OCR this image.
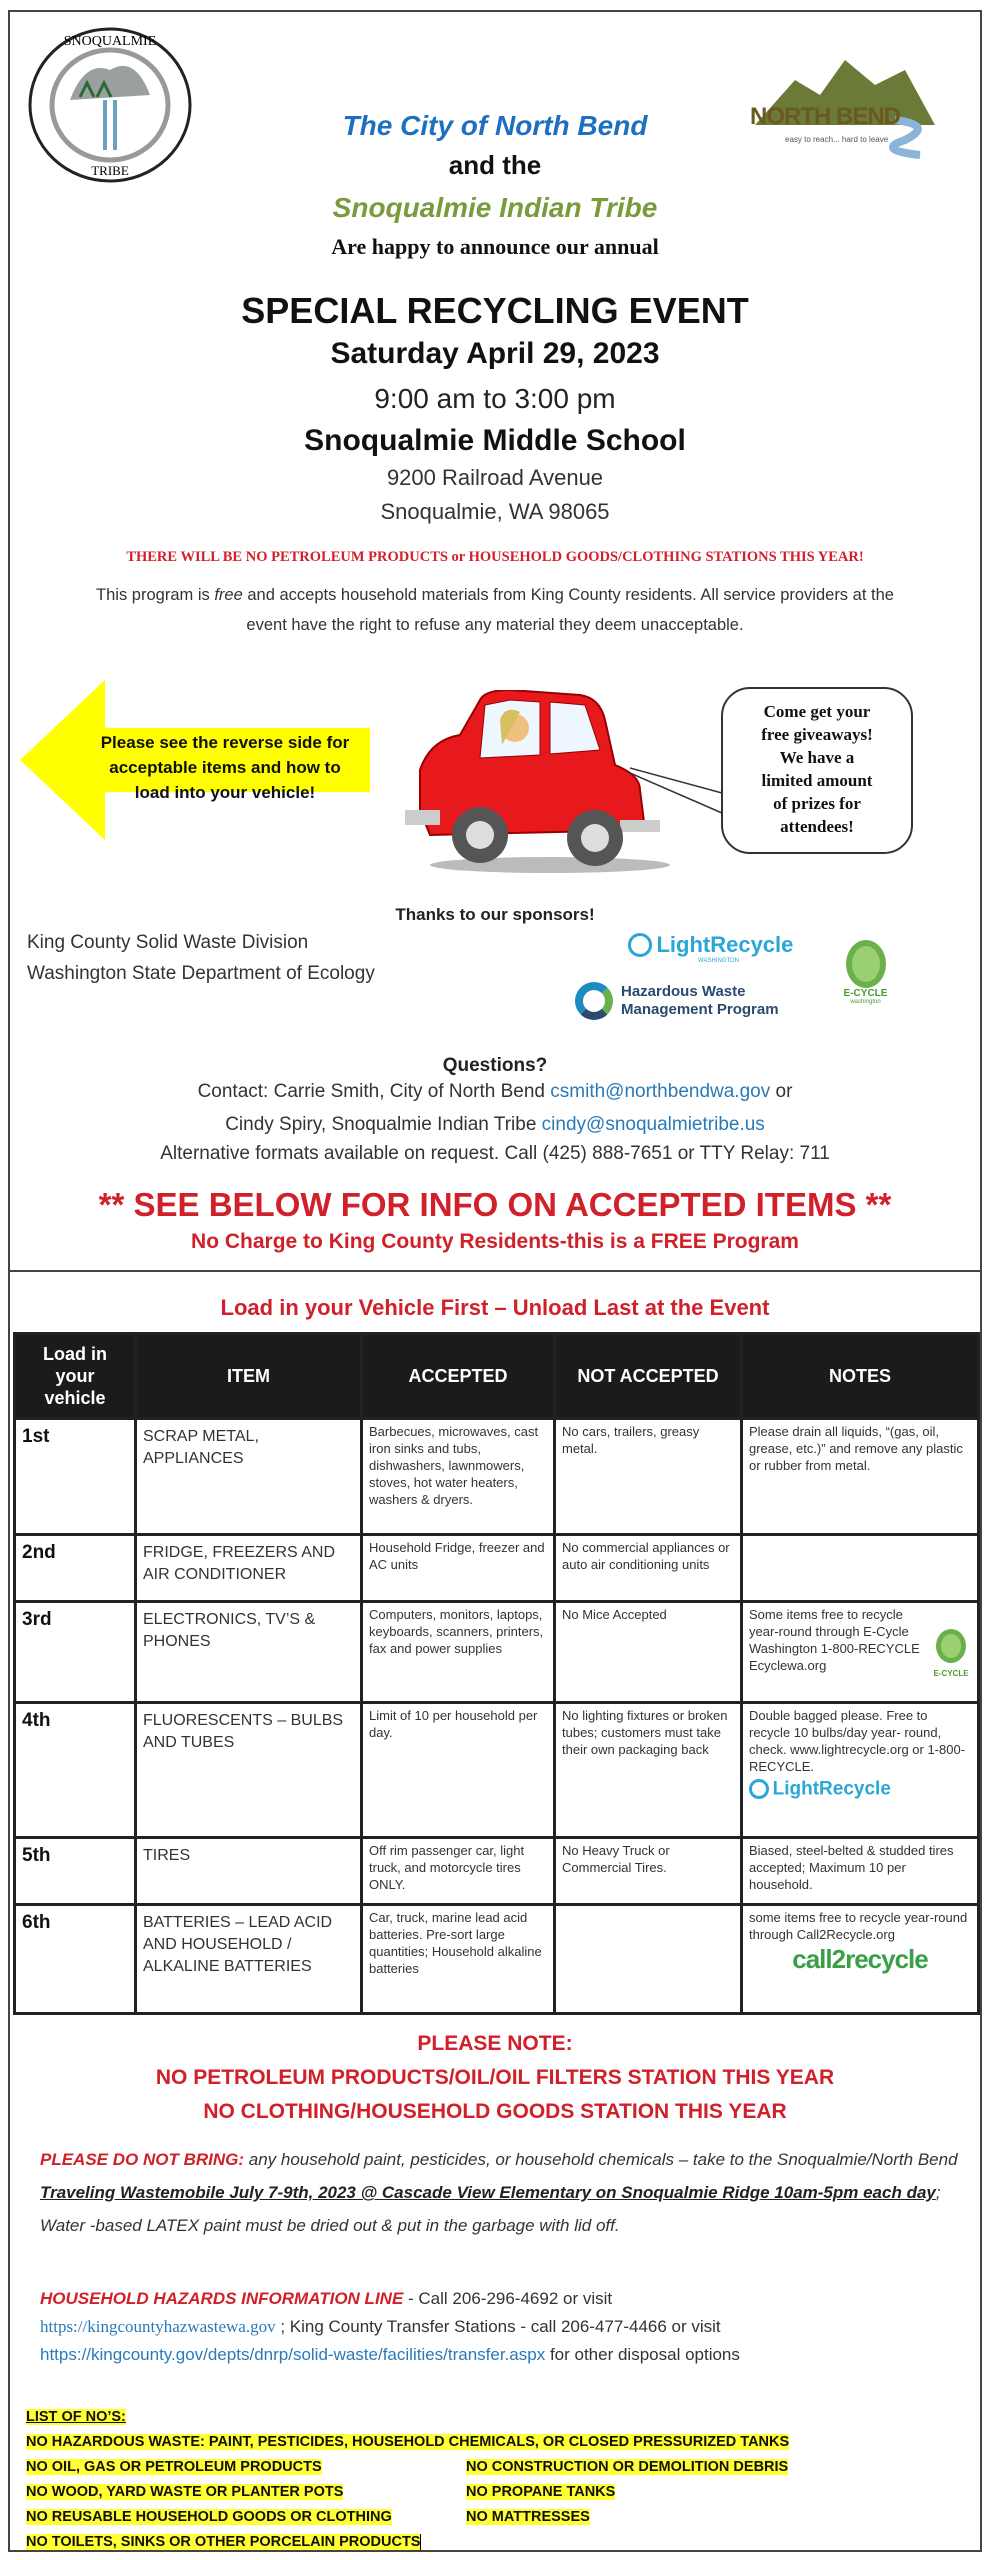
SNOQUALMIE
TRIBE
NORTH BEND
easy to reach... hard to leave
The City of North Bend
and the
Snoqualmie Indian Tribe
Are happy to announce our annual
SPECIAL RECYCLING EVENT
Saturday April 29, 2023
9:00 am to 3:00 pm
Snoqualmie Middle School
9200 Railroad Avenue
Snoqualmie, WA 98065
THERE WILL BE NO PETROLEUM PRODUCTS or HOUSEHOLD GOODS/CLOTHING STATIONS THIS YEAR!
This program is free and accepts household materials from King County residents. All service providers at the
event have the right to refuse any material they deem unacceptable.
Please see the reverse side for
acceptable items and how to
load into your vehicle!
Come get your
free giveaways!
We have a
limited amount
of prizes for
attendees!
Thanks to our sponsors!
King County Solid Waste Division
Washington State Department of Ecology
LightRecycle
WASHINGTON
Hazardous Waste
Management Program
E-CYCLE
washington
Questions?
Contact: Carrie Smith, City of North Bend csmith@northbendwa.gov or
Cindy Spiry, Snoqualmie Indian Tribe cindy@snoqualmietribe.us
Alternative formats available on request. Call (425) 888-7651 or TTY Relay: 711
** SEE BELOW FOR INFO ON ACCEPTED ITEMS **
No Charge to King County Residents-this is a FREE Program
Load in your Vehicle First – Unload Last at the Event
Load in your vehicle	ITEM	ACCEPTED	NOT ACCEPTED	NOTES
1st	SCRAP METAL, APPLIANCES	Barbecues, microwaves, cast iron sinks and tubs, dishwashers, lawnmowers, stoves, hot water heaters, washers & dryers.	No cars, trailers, greasy metal.	Please drain all liquids, “(gas, oil, grease, etc.)” and remove any plastic or rubber from metal.
2nd	FRIDGE, FREEZERS AND AIR CONDITIONER	Household Fridge, freezer and AC units	No commercial appliances or auto air conditioning units	
3rd	ELECTRONICS, TV’S & PHONES	Computers, monitors, laptops, keyboards, scanners, printers, fax and power supplies	No Mice Accepted	Some items free to recycle year-round through E-Cycle Washington 1-800-RECYCLE Ecyclewa.org
E-CYCLE

4th	FLUORESCENTS – BULBS AND TUBES	Limit of 10 per household per day.	No lighting fixtures or broken tubes; customers must take their own packaging back	Double bagged please. Free to recycle 10 bulbs/day year- round, check. www.lightrecycle.org or 1-800-RECYCLE.
LightRecycle

5th	TIRES	Off rim passenger car, light truck, and motorcycle tires ONLY.	No Heavy Truck or Commercial Tires.	Biased, steel-belted & studded tires accepted; Maximum 10 per household.
6th	BATTERIES – LEAD ACID AND HOUSEHOLD / ALKALINE BATTERIES	Car, truck, marine lead acid batteries. Pre-sort large quantities; Household alkaline batteries		some items free to recycle year-round through Call2Recycle.org
call2recycle
PLEASE NOTE:
NO PETROLEUM PRODUCTS/OIL/OIL FILTERS STATION THIS YEAR
NO CLOTHING/HOUSEHOLD GOODS STATION THIS YEAR
PLEASE DO NOT BRING: any household paint, pesticides, or household chemicals – take to the Snoqualmie/North Bend Traveling Wastemobile July 7-9th, 2023 @ Cascade View Elementary on Snoqualmie Ridge 10am-5pm each day; Water -based LATEX paint must be dried out & put in the garbage with lid off.
HOUSEHOLD HAZARDS INFORMATION LINE - Call 206-296-4692 or visit
https://kingcountyhazwastewa.gov ; King County Transfer Stations - call 206-477-4466 or visit
https://kingcounty.gov/depts/dnrp/solid-waste/facilities/transfer.aspx for other disposal options
LIST OF NO’S:
NO HAZARDOUS WASTE: PAINT, PESTICIDES, HOUSEHOLD CHEMICALS, OR CLOSED PRESSURIZED TANKS
NO OIL, GAS OR PETROLEUM PRODUCTS
NO WOOD, YARD WASTE OR PLANTER POTS
NO REUSABLE HOUSEHOLD GOODS OR CLOTHING
NO TOILETS, SINKS OR OTHER PORCELAIN PRODUCTS
NO CONSTRUCTION OR DEMOLITION DEBRIS
NO PROPANE TANKS
NO MATTRESSES
